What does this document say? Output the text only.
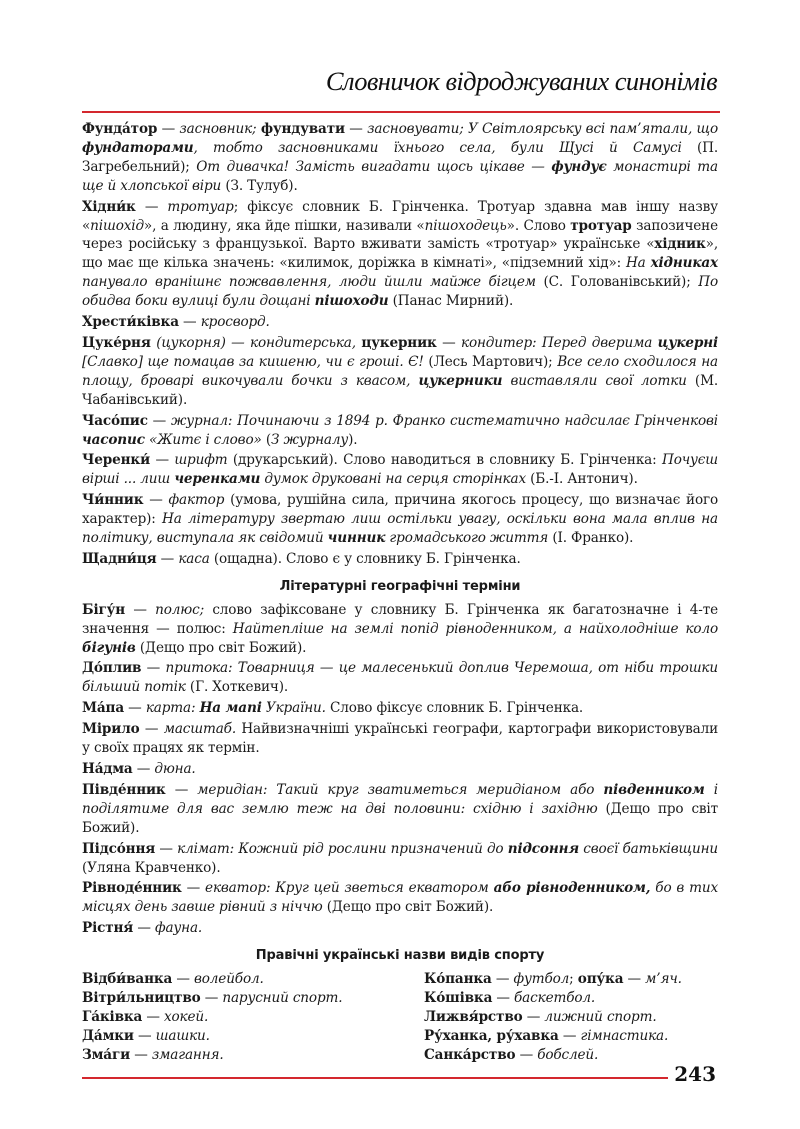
Словничок відроджуваних синонімів

Фундáтор — засновник; фундувати — засновувати; У Світлоярську всі пам’ятали, що фундаторами, тобто засновниками їхнього села, були Щусі й Самусі (П. Загребельний); От дивачка! Замість вигадати щось цікаве — фундує монастирі та ще й хлопської віри (З. Тулуб).

Хідни́к — тротуар; фіксує словник Б. Грінченка. Тротуар здавна мав іншу назву «пішохід», а людину, яка йде пішки, називали «пішоходець». Слово тротуар запозичене через російську з французької. Варто вживати замість «тротуар» українське «хідник», що має ще кілька значень: «килимок, доріжка в кімнаті», «підземний хід»: На хідниках панувало вранішнє пожвавлення, люди йшли майже бігцем (С. Голованівський); По обидва боки вулиці були дощані пішоходи (Панас Мирний).

Хрести́ківка — кросворд.

Цуке́рня (цукорня) — кондитерська, цукерник — кондитер: Перед дверима цукерні [Славко] ще помацав за кишеню, чи є гроші. Є! (Лесь Мартович); Все село сходилося на площу, броварі викочували бочки з квасом, цукерники виставляли свої лотки (М. Чабанівський).

Часо́пис — журнал: Починаючи з 1894 р. Франко систематично надсилає Грінченкові часопис «Житє і слово» (З журналу).

Черенки́ — шрифт (друкарський). Слово наводиться в словнику Б. Грінченка: Почуєш вірші ... лиш черенками думок друковані на серця сторінках (Б.-І. Антонич).

Чи́нник — фактор (умова, рушійна сила, причина якогось процесу, що визначає його характер): На літературу звертаю лиш остільки увагу, оскільки вона мала вплив на політику, виступала як свідомий чинник громадського життя (І. Франко).

Щадни́ця — каса (ощадна). Слово є у словнику Б. Грінченка.

Літературні географічні терміни

Бігу́н — полюс; слово зафіксоване у словнику Б. Грінченка як багатозначне і 4-те значення — полюс: Найтепліше на землі попід рівноденником, а найхолодніше коло бігунів (Дещо про світ Божий).

До́плив — притока: Товарниця — це малесенький доплив Черемоша, от ніби трошки більший потік (Г. Хоткевич).

Ма́па — карта: На мапі України. Слово фіксує словник Б. Грінченка.

Мірило — масштаб. Найвизначніші українські географи, картографи використовували у своїх працях як термін.

На́дма — дюна.

Півде́нник — меридіан: Такий круг зватиметься меридіаном або південником і поділятиме для вас землю теж на дві половини: східню і західню (Дещо про світ Божий).

Підсо́ння — клімат: Кожний рід рослини призначений до підсоння своєї батьківщини (Уляна Кравченко).

Рівноде́нник — екватор: Круг цей зветься екватором або рівноденником, бо в тих місцях день завше рівний з ніччю (Дещо про світ Божий).

Рістня́ — фауна.

Правічні українські назви видів спорту

Відби́ванка — волейбол.

Вітри́льництво — парусний спорт.

Га́ківка — хокей.

Да́мки — шашки.

Зма́ги — змагання.

Ко́панка — футбол; опу́ка — м’яч.

Ко́шівка — баскетбол.

Лижвя́рство — лижний спорт.

Ру́ханка, ру́хавка — гімнастика.

Санка́рство — бобслей.

243
